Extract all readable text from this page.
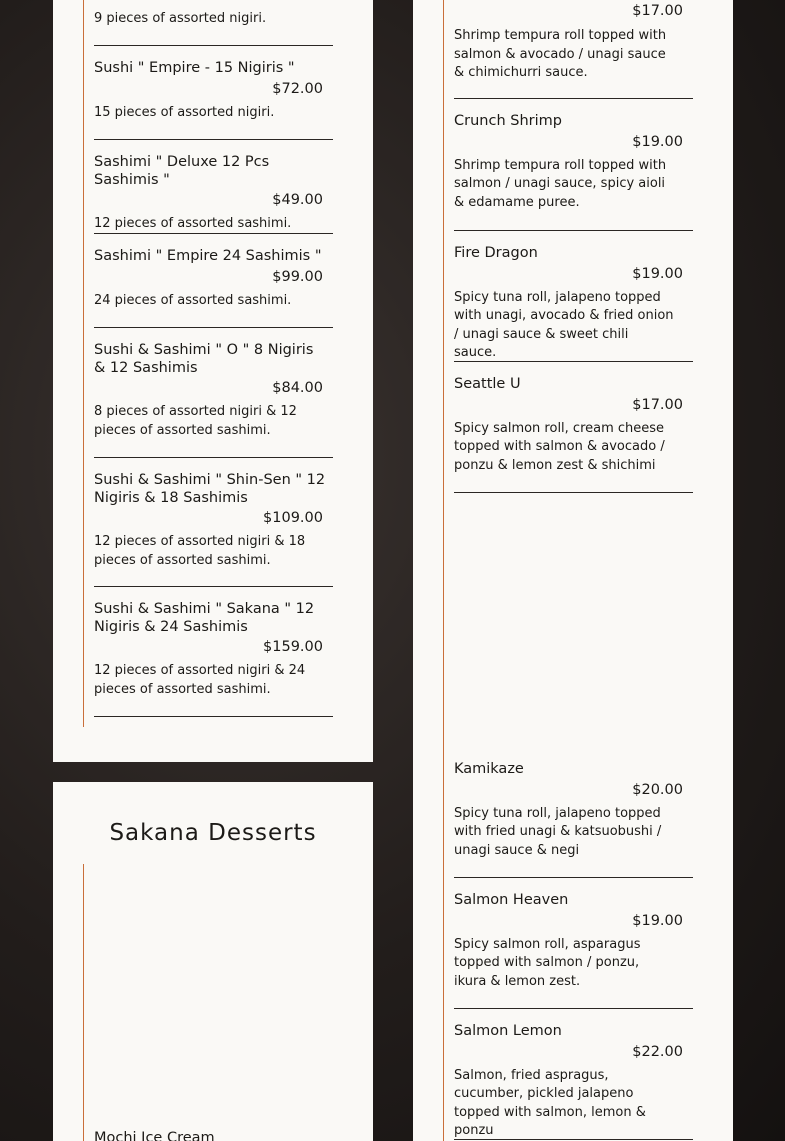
9 pieces of assorted nigiri.
Sushi " Empire - 15 Nigiris "
$72.00
15 pieces of assorted nigiri.
Sashimi " Deluxe 12 Pcs Sashimis "
$49.00
12 pieces of assorted sashimi.
Sashimi " Empire 24 Sashimis "
$99.00
24 pieces of assorted sashimi.
Sushi & Sashimi " O " 8 Nigiris & 12 Sashimis
$84.00
8 pieces of assorted nigiri & 12 pieces of assorted sashimi.
Sushi & Sashimi " Shin-Sen " 12 Nigiris & 18 Sashimis
$109.00
12 pieces of assorted nigiri & 18 pieces of assorted sashimi.
Sushi & Sashimi " Sakana " 12 Nigiris & 24 Sashimis
$159.00
12 pieces of assorted nigiri & 24 pieces of assorted sashimi.
Sakana Desserts
Mochi Ice Cream
$17.00
Shrimp tempura roll topped with salmon & avocado / unagi sauce & chimichurri sauce.
Crunch Shrimp
$19.00
Shrimp tempura roll topped with salmon / unagi sauce, spicy aioli & edamame puree.
Fire Dragon
$19.00
Spicy tuna roll, jalapeno topped with unagi, avocado & fried onion / unagi sauce & sweet chili sauce.
Seattle U
$17.00
Spicy salmon roll, cream cheese topped with salmon & avocado / ponzu & lemon zest & shichimi
Kamikaze
$20.00
Spicy tuna roll, jalapeno topped with fried unagi & katsuobushi / unagi sauce & negi
Salmon Heaven
$19.00
Spicy salmon roll, asparagus topped with salmon / ponzu, ikura & lemon zest.
Salmon Lemon
$22.00
Salmon, fried aspragus, cucumber, pickled jalapeno topped with salmon, lemon & ponzu
